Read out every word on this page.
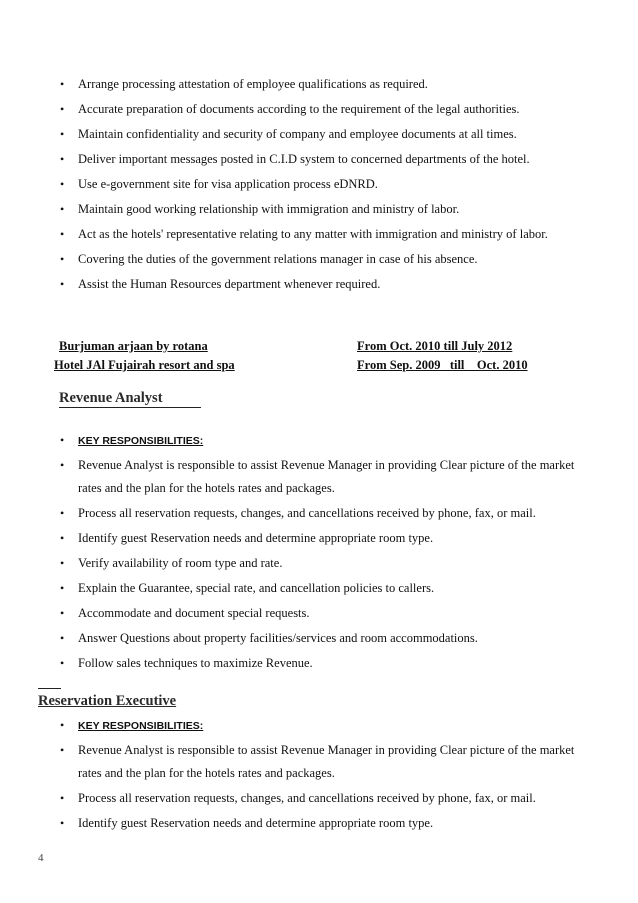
• Arrange processing attestation of employee qualifications as required.
• Accurate preparation of documents according to the requirement of the legal authorities.
• Maintain confidentiality and security of company and employee documents at all times.
• Deliver important messages posted in C.I.D system to concerned departments of the hotel.
• Use e-government site for visa application process eDNRD.
• Maintain good working relationship with immigration and ministry of labor.
• Act as the hotels' representative relating to any matter with immigration and ministry of labor.
• Covering the duties of the government relations manager in case of his absence.
• Assist the Human Resources department whenever required.
Burjuman arjaan by rotana	From Oct. 2010 till July 2012
Hotel JAl Fujairah resort and spa	From Sep. 2009   till    Oct. 2010
Revenue Analyst
• KEY RESPONSIBILITIES:
• Revenue Analyst is responsible to assist Revenue Manager in providing Clear picture of the market rates and the plan for the hotels rates and packages.
• Process all reservation requests, changes, and cancellations received by phone, fax, or mail.
• Identify guest Reservation needs and determine appropriate room type.
• Verify availability of room type and rate.
• Explain the Guarantee, special rate, and cancellation policies to callers.
• Accommodate and document special requests.
• Answer Questions about property facilities/services and room accommodations.
• Follow sales techniques to maximize Revenue.
Reservation Executive
• KEY RESPONSIBILITIES:
• Revenue Analyst is responsible to assist Revenue Manager in providing Clear picture of the market rates and the plan for the hotels rates and packages.
• Process all reservation requests, changes, and cancellations received by phone, fax, or mail.
• Identify guest Reservation needs and determine appropriate room type.
4
